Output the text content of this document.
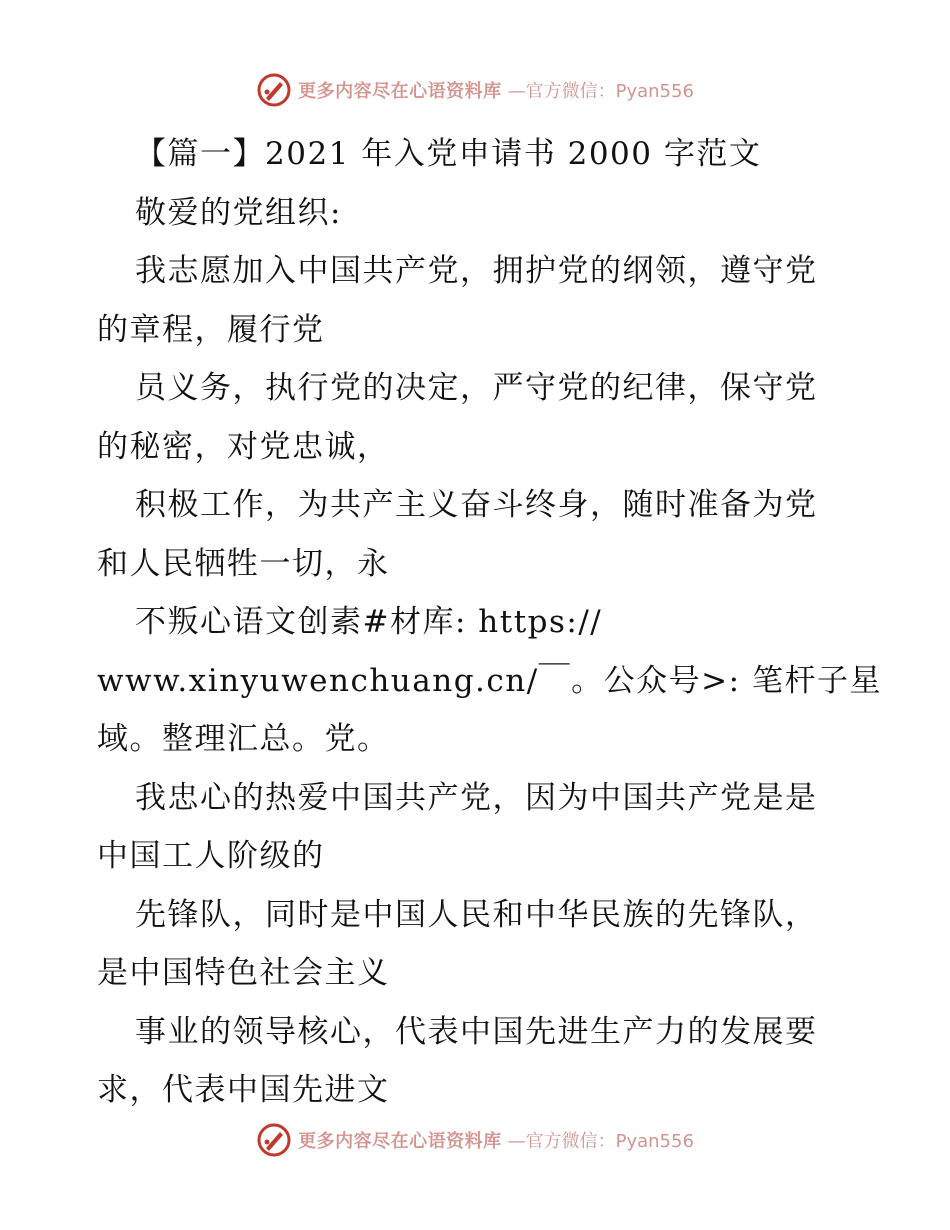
更多内容尽在心语资料库 —官方微信：Pyan556
【篇一】2021 年入党申请书 2000 字范文
敬爱的党组织:
我志愿加入中国共产党，拥护党的纲领，遵守党
的章程，履行党
员义务，执行党的决定，严守党的纪律，保守党
的秘密，对党忠诚，
积极工作，为共产主义奋斗终身，随时准备为党
和人民牺牲一切，永
不叛心语文创素#材库: https://
www.xinyuwenchuang.cn/￣。公众号>: 笔杆子星
域。整理汇总。党。
我忠心的热爱中国共产党，因为中国共产党是是
中国工人阶级的
先锋队，同时是中国人民和中华民族的先锋队，
是中国特色社会主义
事业的领导核心，代表中国先进生产力的发展要
求，代表中国先进文
更多内容尽在心语资料库 —官方微信：Pyan556
